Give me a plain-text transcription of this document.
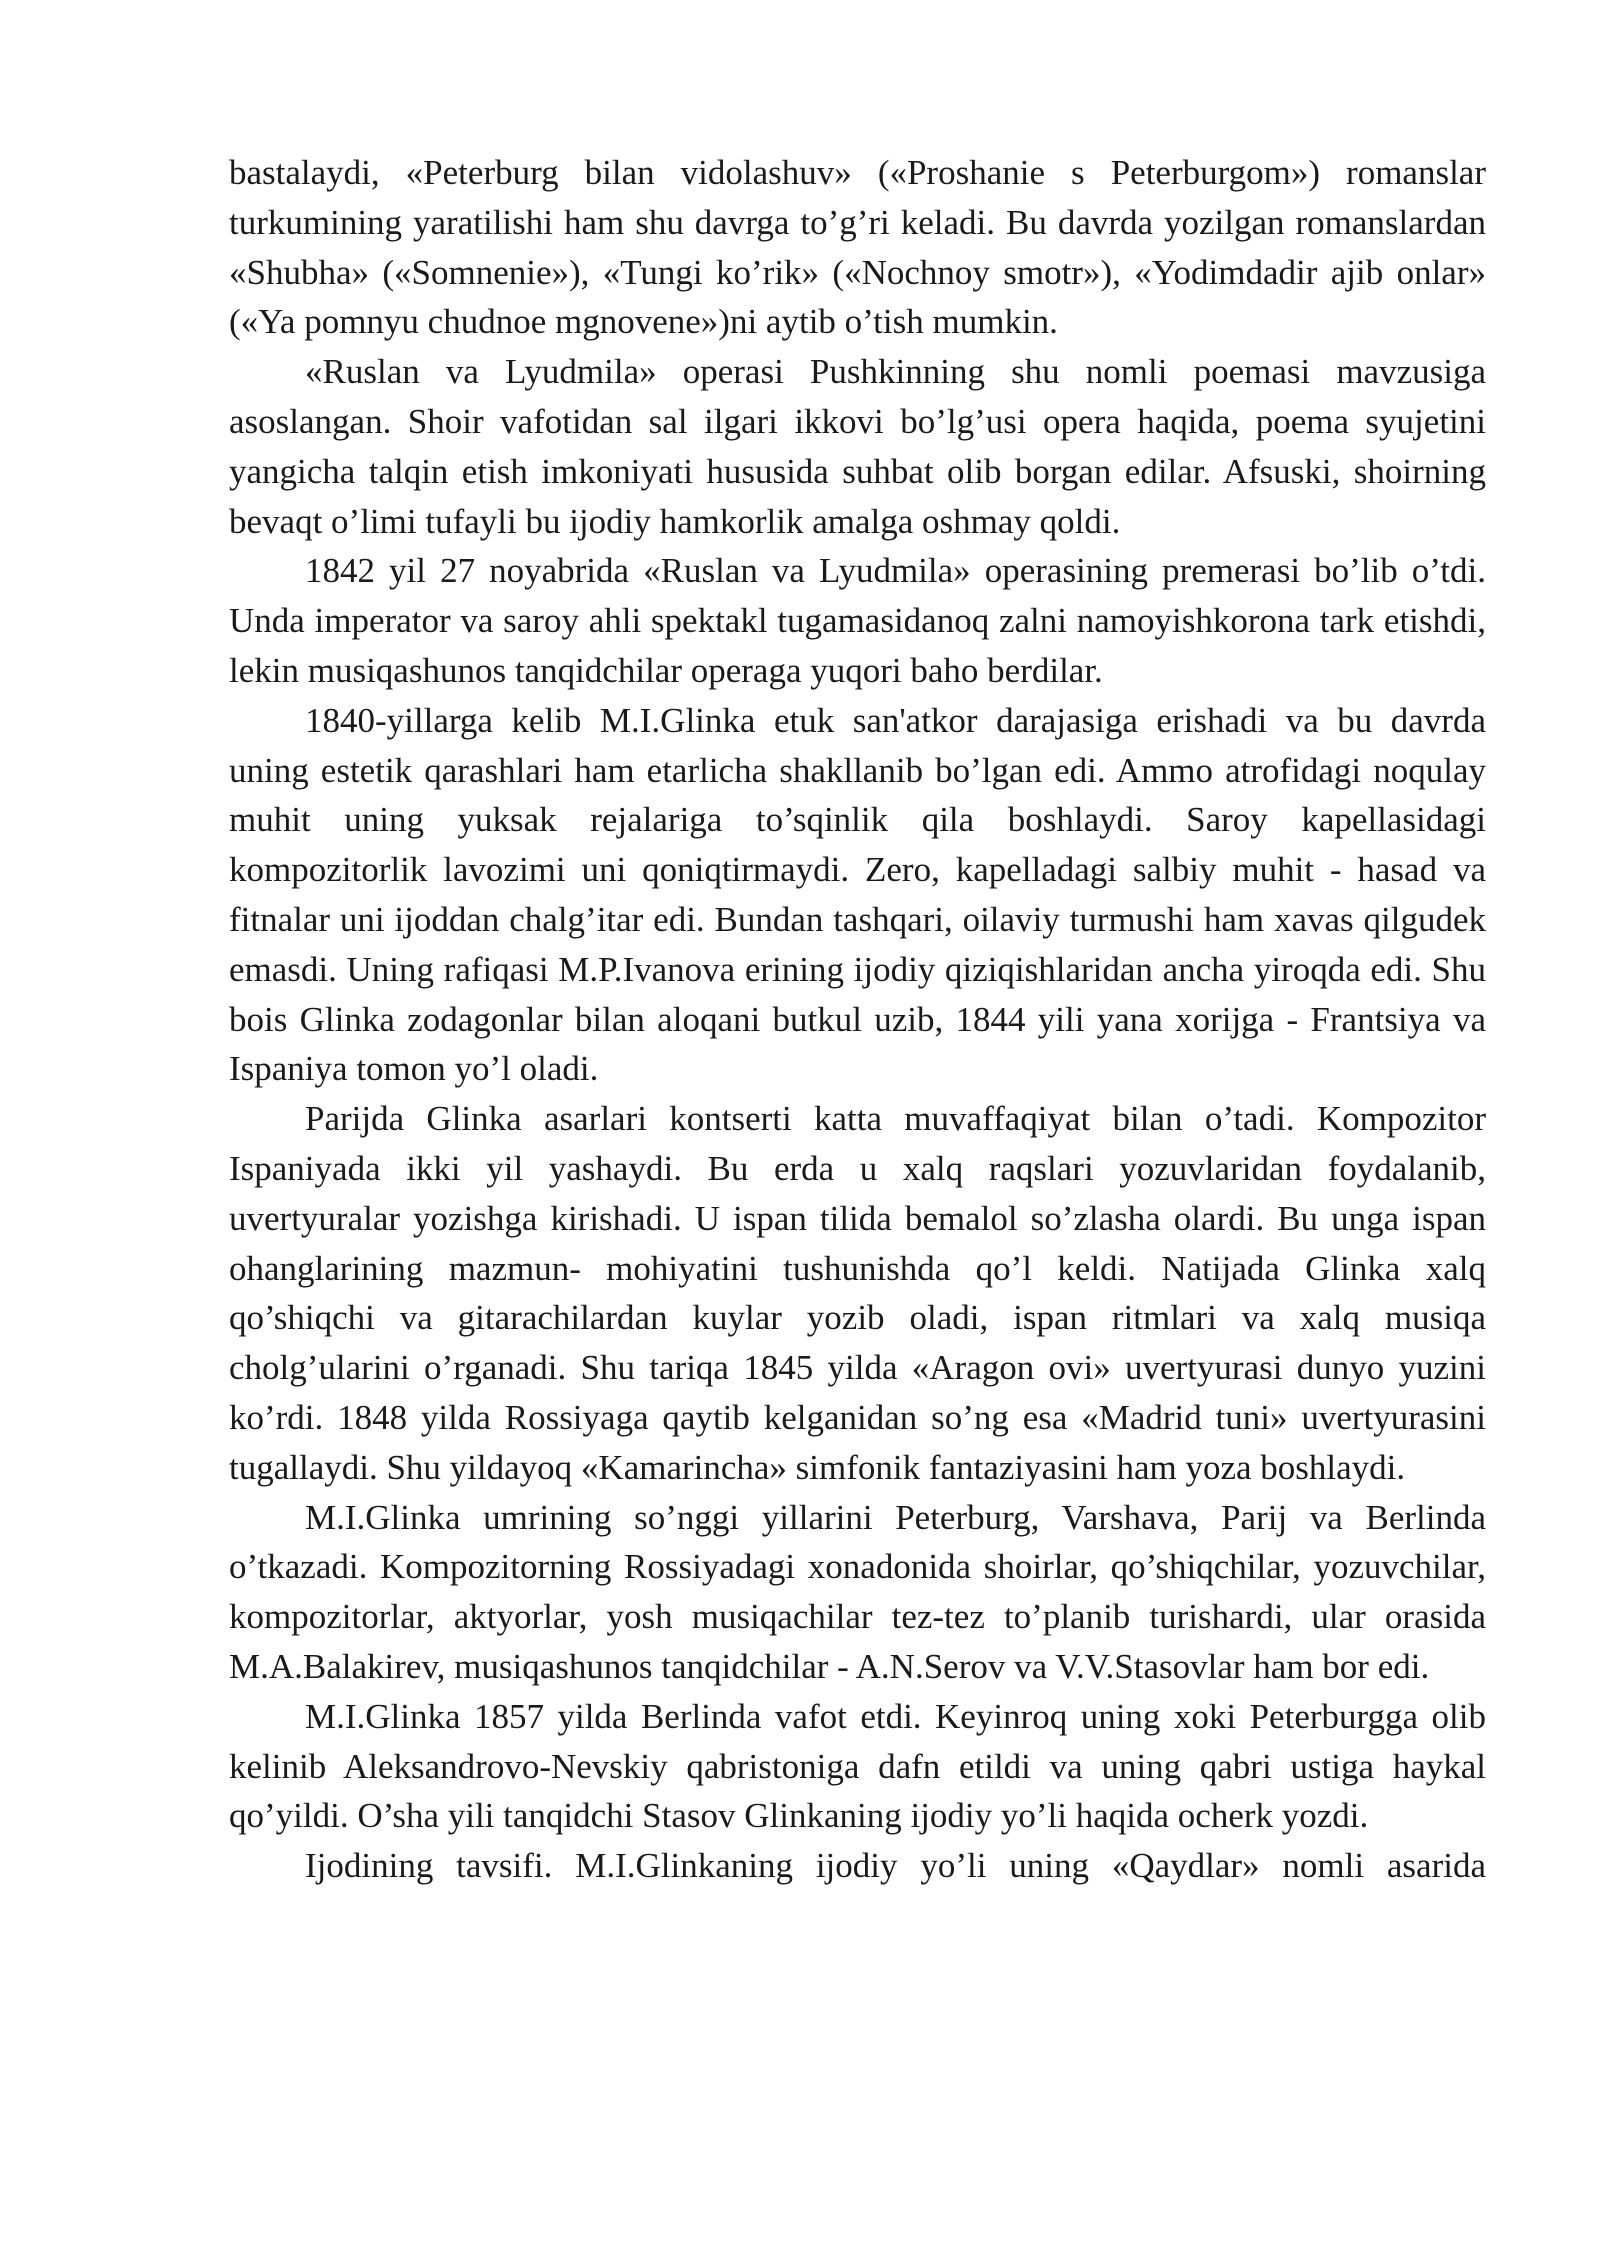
bastalaydi, «Peterburg bilan vidolashuv» («Proshanie s Peterburgom») romanslar turkumining yaratilishi ham shu davrga to’g’ri keladi. Bu davrda yozilgan romanslardan «Shubha» («Somnenie»), «Tungi ko’rik» («Nochnoy smotr»), «Yodimdadir ajib onlar» («Ya pomnyu chudnoe mgnovene»)ni aytib o’tish mumkin.

«Ruslan va Lyudmila» operasi Pushkinning shu nomli poemasi mavzusiga asoslangan. Shoir vafotidan sal ilgari ikkovi bo’lg’usi opera haqida, poema syujetini yangicha talqin etish imkoniyati hususida suhbat olib borgan edilar. Afsuski, shoirning bevaqt o’limi tufayli bu ijodiy hamkorlik amalga oshmay qoldi.

1842 yil 27 noyabrida «Ruslan va Lyudmila» operasining premerasi bo’lib o’tdi. Unda imperator va saroy ahli spektakl tugamasidanoq zalni namoyishkorona tark etishdi, lekin musiqashunos tanqidchilar operaga yuqori baho berdilar.

1840-yillarga kelib M.I.Glinka etuk san'atkor darajasiga erishadi va bu davrda uning estetik qarashlari ham etarlicha shakllanib bo’lgan edi. Ammo atrofidagi noqulay muhit uning yuksak rejalariga to’sqinlik qila boshlaydi. Saroy kapellasidagi kompozitorlik lavozimi uni qoniqtirmaydi. Zero, kapelladagi salbiy muhit - hasad va fitnalar uni ijoddan chalg’itar edi. Bundan tashqari, oilaviy turmushi ham xavas qilgudek emasdi. Uning rafiqasi M.P.Ivanova erining ijodiy qiziqishlaridan ancha yiroqda edi. Shu bois Glinka zodagonlar bilan aloqani butkul uzib, 1844 yili yana xorijga - Frantsiya va Ispaniya tomon yo’l oladi.

Parijda Glinka asarlari kontserti katta muvaffaqiyat bilan o’tadi. Kompozitor Ispaniyada ikki yil yashaydi. Bu erda u xalq raqslari yozuvlaridan foydalanib, uvertyuralar yozishga kirishadi. U ispan tilida bemalol so’zlasha olardi. Bu unga ispan ohanglarining mazmun- mohiyatini tushunishda qo’l keldi. Natijada Glinka xalq qo’shiqchi va gitarachilardan kuylar yozib oladi, ispan ritmlari va xalq musiqa cholg’ularini o’rganadi. Shu tariqa 1845 yilda «Aragon ovi» uvertyurasi dunyo yuzini ko’rdi. 1848 yilda Rossiyaga qaytib kelganidan so’ng esa «Madrid tuni» uvertyurasini tugallaydi. Shu yildayoq «Kamarincha» simfonik fantaziyasini ham yoza boshlaydi.

M.I.Glinka umrining so’nggi yillarini Peterburg, Varshava, Parij va Berlinda o’tkazadi. Kompozitorning Rossiyadagi xonadonida shoirlar, qo’shiqchilar, yozuvchilar, kompozitorlar, aktyorlar, yosh musiqachilar tez-tez to’planib turishardi, ular orasida M.A.Balakirev, musiqashunos tanqidchilar - A.N.Serov va V.V.Stasovlar ham bor edi.

M.I.Glinka 1857 yilda Berlinda vafot etdi. Keyinroq uning xoki Peterburgga olib kelinib Aleksandrovo-Nevskiy qabristoniga dafn etildi va uning qabri ustiga haykal qo’yildi. O’sha yili tanqidchi Stasov Glinkaning ijodiy yo’li haqida ocherk yozdi.

Ijodining tavsifi. M.I.Glinkaning ijodiy yo’li uning «Qaydlar» nomli asarida
